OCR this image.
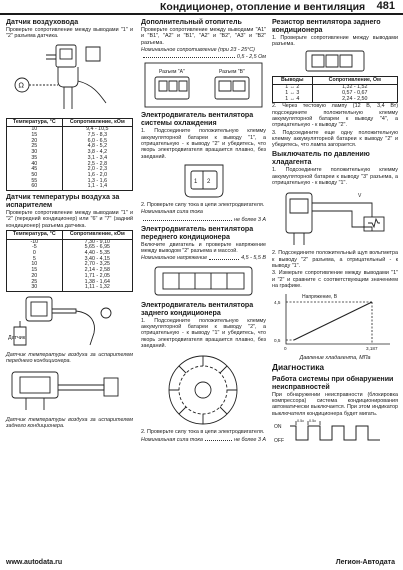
Кондиционер, отопление и вентиляция 481
Датчик воздуховода
Проверьте сопротивление между выводами "1" и "2" разъема датчика.
Ω
Температура, °С	Сопротивление, кОм
10	9,4 - 10,5
15	7,5 - 8,3
20	6,0 - 6,5
25	4,8 - 5,2
30	3,8 - 4,2
35	3,1 - 3,4
40	2,5 - 2,8
45	2,0 - 2,3
50	1,6 - 2,0
55	1,3 - 1,6
60	1,1 - 1,4
Датчик температуры воздуха за испарителем
Проверьте сопротивление между выводами "1" и "2" (передний кондиционер) или "6" и "7" (задний кондиционер) разъема датчика.
Температура, °С	Сопротивление, кОм
-10	7,30 - 9,10
-5	5,65 - 6,95
0	4,40 - 5,35
5	3,40 - 4,15
10	2,70 - 3,25
15	2,14 - 2,58
20	1,71 - 2,05
25	1,38 - 1,64
30	1,11 - 1,32
Датчик
Датчик температуры воздуха за испарителем переднего кондиционера.
Датчик температуры воздуха за испарителем заднего кондиционера.
Дополнительный отопитель
Проверьте сопротивление между выводами "A1" и "B1", "A2" и "B1", "A2" и "B2", "A3" и "B2" разъема.
Номинальное сопротивление (при 23 - 25°С)
0,5 - 2,5 Ом
Разъем "A"	Разъем "B"
Электродвигатель вентилятора системы охлаждения
1. Подсоедините положительную клемму аккумуляторной батареи к выводу "1", а отрицательную - к выводу "2" и убедитесь, что якорь электродвигателя вращается плавно, без заеданий.
1 2
2. Проверьте силу тока в цепи электродвигателя.
Номинальная сила тока
не более 3 А
Электродвигатель вентилятора переднего кондиционера
Включите двигатель и проверьте напряжение между выводом "2" разъема и массой.
Номинальное напряжение	4,5 - 5,5 В
Электродвигатель вентилятора заднего кондиционера
1. Подсоедините положительную клемму аккумуляторной батареи к выводу "2", а отрицательную - к выводу "1" и убедитесь, что якорь электродвигателя вращается плавно, без заеданий.
2. Проверьте силу тока в цепи электродвигателя.
Номинальная сила тока	не более 3 А
Резистор вентилятора заднего кондиционера
1. Проверьте сопротивление между выводами разъема.
Выводы	Сопротивление, Ом
1 ↔ 2	1,32 - 1,52
1 ↔ 3	0,57 - 0,67
1 ↔ 4	2,24 - 2,50
2. Через тестовую лампу (12 В, 3,4 Вт) подсоедините положительную клемму аккумуляторной батареи к выводу "4", а отрицательную - к выводу "2".
3. Подсоедините еще одну положительную клемму аккумуляторной батареи к выводу "2" и убедитесь, что лампа загорается.
Выключатель по давлению хладагента
1. Подсоедините положительную клемму аккумуляторной батареи к выводу "3" разъема, а отрицательную - к выводу "1".
V
2. Подсоедините положительный щуп вольтметра к выводу "2" разъема, а отрицательный - к выводу "1".
3. Измерьте сопротивление между выводами "1" и "2" и сравните с соответствующим значением на графике.
Напряжение, В
4,5
0,5
0	3,187
Давление хладагента, МПа
Диагностика
Работа системы при обнаружении неисправностей
При обнаружении неисправности (блокировка компрессора) система кондиционирования автоматически выключается. При этом индикатор выключателя кондиционера будет мигать.
ON
OFF
0.5с 0.5с
www.autodata.ru	Легион-Автодата
